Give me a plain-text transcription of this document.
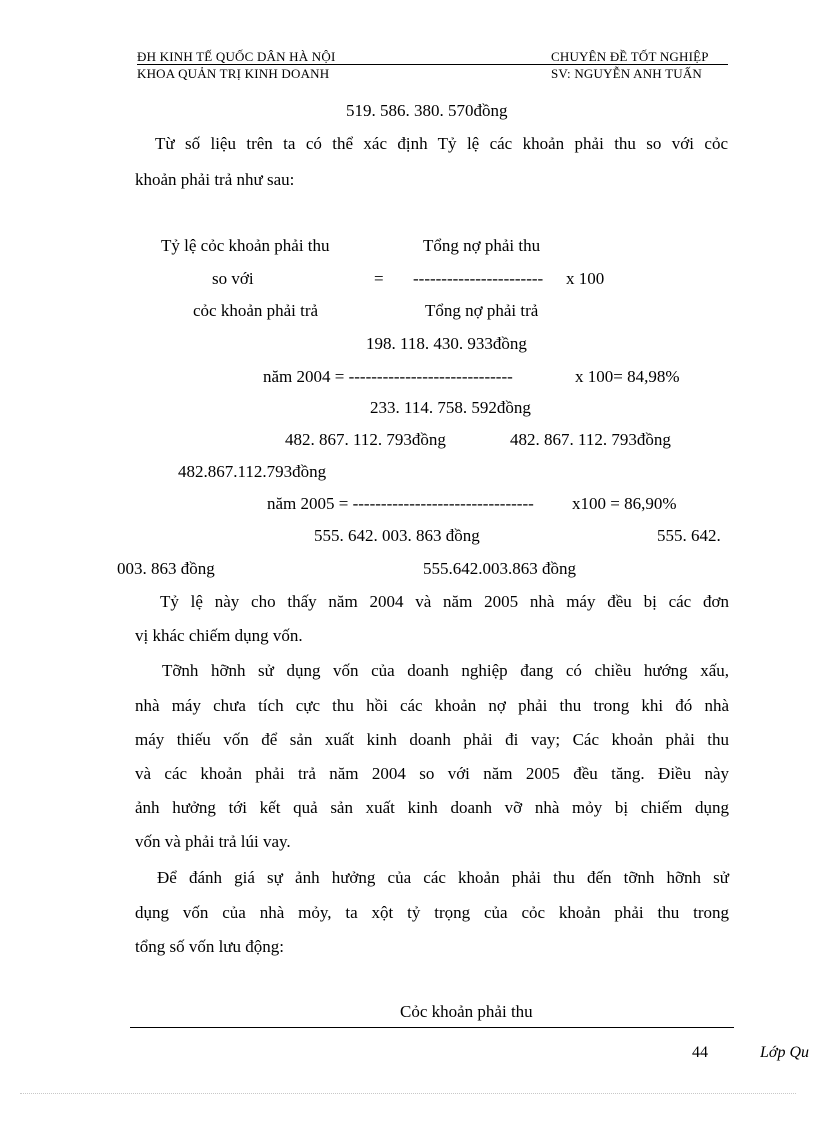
ĐH KINH TẾ QUỐC DÂN HÀ NỘI	CHUYÊN ĐỀ TỐT NGHIỆP
KHOA QUẢN TRỊ KINH DOANH	SV: NGUYỄN ANH TUẤN
519. 586. 380. 570đồng
Từ số liệu trên ta có thể xác định Tỷ lệ các khoản phải thu so với cỏc
khoản phải trả như sau:
Tỷ lệ cỏc khoản phải thu	Tổng nợ phải thu
so với	= ----------------------- x 100
cỏc khoản phải trả	Tổng nợ phải trả
198. 118. 430. 933đồng
năm 2004 = -----------------------------	x 100= 84,98%
233. 114. 758. 592đồng
482. 867. 112. 793đồng	482. 867. 112. 793đồng
482.867.112.793đồng
năm 2005 = -------------------------------- x100 = 86,90%
555. 642. 003. 863 đồng	555. 642.
003. 863 đồng	555.642.003.863 đồng
Tỷ lệ này cho thấy năm 2004 và năm 2005 nhà máy đều bị các đơn
vị khác chiếm dụng vốn.
Tỡnh hỡnh sử dụng vốn của doanh nghiệp đang có chiều hướng xấu,
nhà máy chưa tích cực thu hồi các khoản nợ phải thu trong khi đó nhà
máy thiếu vốn để sản xuất kinh doanh phải đi vay; Các khoản phải thu
và các khoản phải trả năm 2004 so với năm 2005 đều tăng. Điều này
ảnh hưởng tới kết quả sản xuất kinh doanh vỡ nhà mỏy bị chiếm dụng
vốn và phải trả lúi vay.
Để đánh giá sự ảnh hưởng của các khoản phải thu đến tỡnh hỡnh sử
dụng vốn của nhà mỏy, ta xột tỷ trọng của cỏc khoản phải thu trong
tổng số vốn lưu động:
Cỏc khoản phải thu
44	Lớp Qu
